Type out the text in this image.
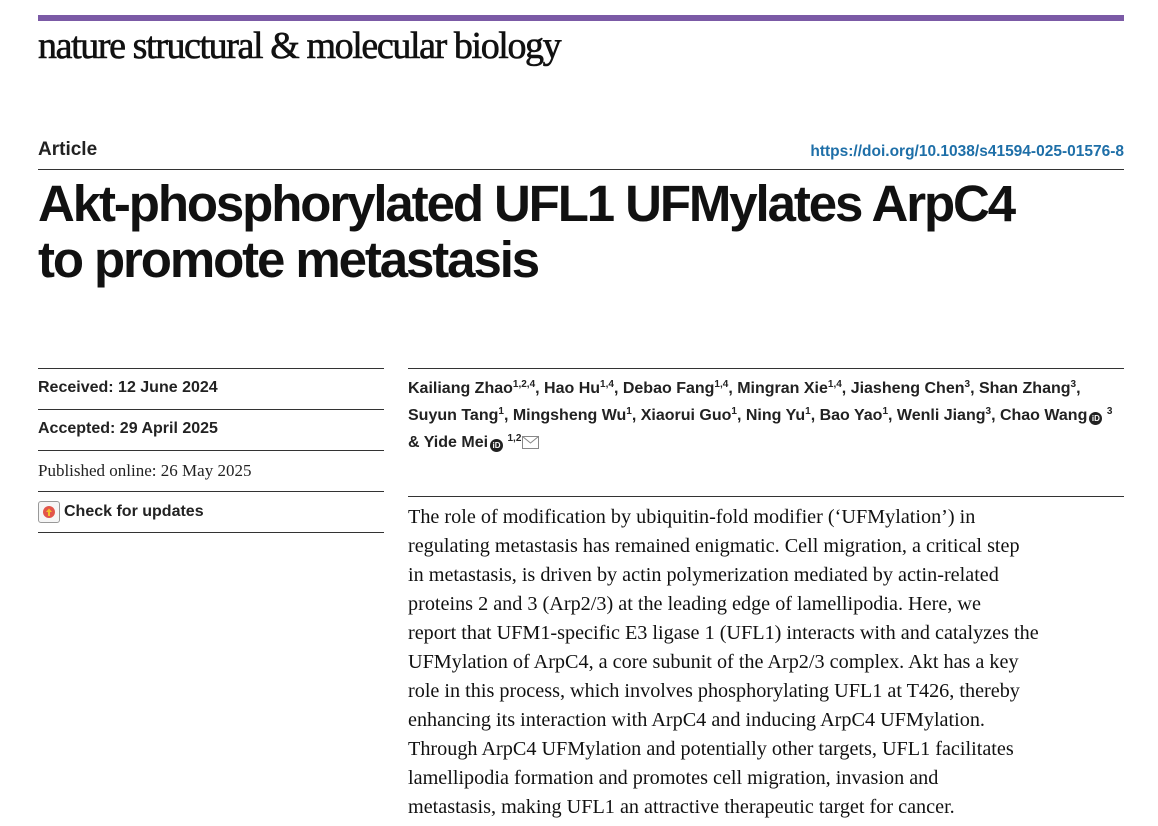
nature structural & molecular biology
Article	https://doi.org/10.1038/s41594-025-01576-8
Akt-phosphorylated UFL1 UFMylates ArpC4
to promote metastasis
Received: 12 June 2024
Accepted: 29 April 2025
Published online: 26 May 2025
Check for updates
Kailiang Zhao$^{1,2,4}$, Hao Hu$^{1,4}$, Debao Fang$^{1,4}$, Mingran Xie$^{1,4}$, Jiasheng Chen$^3$, Shan Zhang$^3$, Suyun Tang$^1$, Mingsheng Wu$^1$, Xiaorui Guo$^1$, Ning Yu$^1$, Bao Yao$^1$, Wenli Jiang$^3$, Chao Wang iD $^3$ & Yide Mei iD $^{1,2}$

The role of modification by ubiquitin-fold modifier (‘UFMylation’) in
regulating metastasis has remained enigmatic. Cell migration, a critical step
in metastasis, is driven by actin polymerization mediated by actin-related
proteins 2 and 3 (Arp2/3) at the leading edge of lamellipodia. Here, we
report that UFM1-specific E3 ligase 1 (UFL1) interacts with and catalyzes the
UFMylation of ArpC4, a core subunit of the Arp2/3 complex. Akt has a key
role in this process, which involves phosphorylating UFL1 at T426, thereby
enhancing its interaction with ArpC4 and inducing ArpC4 UFMylation.
Through ArpC4 UFMylation and potentially other targets, UFL1 facilitates
lamellipodia formation and promotes cell migration, invasion and
metastasis, making UFL1 an attractive therapeutic target for cancer.
